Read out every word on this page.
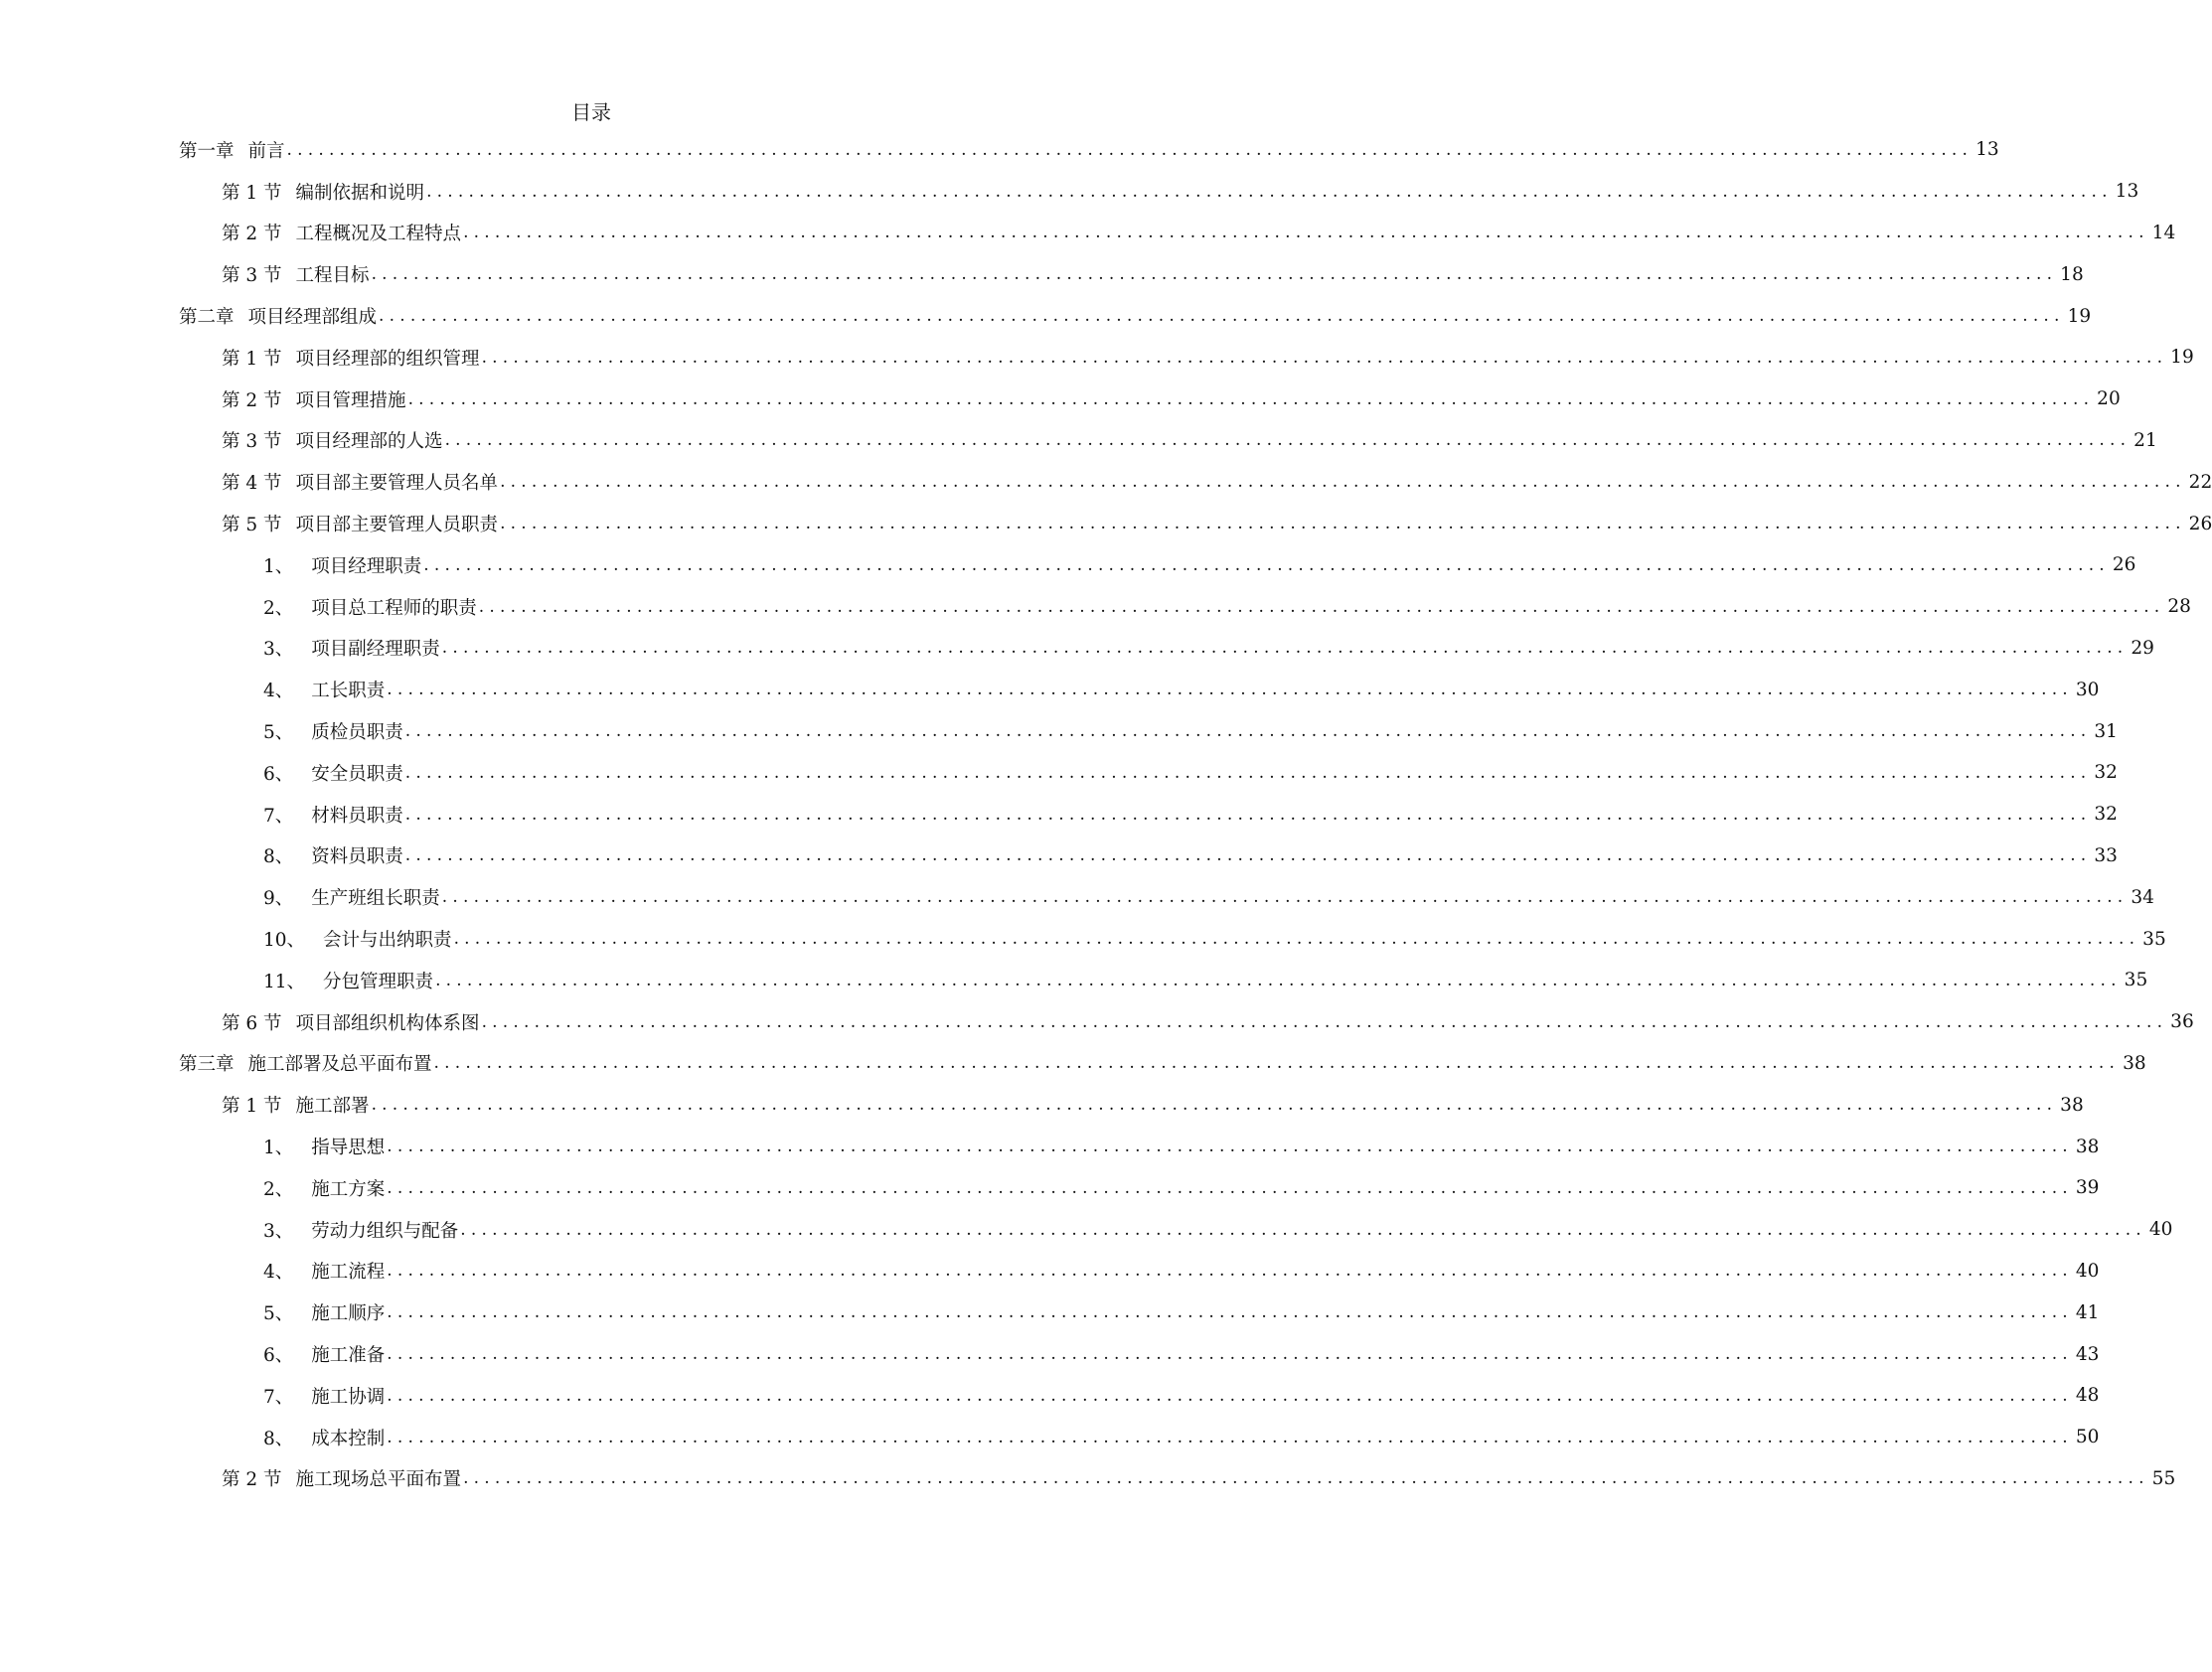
目录
第一章 前言 ................................................................................................................................................................ 13
第 1 节 编制依据和说明 ................................................................................................................................................................ 13
第 2 节 工程概况及工程特点 ................................................................................................................................................................ 14
第 3 节 工程目标 ................................................................................................................................................................ 18
第二章 项目经理部组成 ................................................................................................................................................................ 19
第 1 节 项目经理部的组织管理 ................................................................................................................................................................ 19
第 2 节 项目管理措施 ................................................................................................................................................................ 20
第 3 节 项目经理部的人选 ................................................................................................................................................................ 21
第 4 节 项目部主要管理人员名单 ................................................................................................................................................................ 22
第 5 节 项目部主要管理人员职责 ................................................................................................................................................................ 26
1、 项目经理职责 ................................................................................................................................................................ 26
2、 项目总工程师的职责 ................................................................................................................................................................ 28
3、 项目副经理职责 ................................................................................................................................................................ 29
4、 工长职责 ................................................................................................................................................................ 30
5、 质检员职责 ................................................................................................................................................................ 31
6、 安全员职责 ................................................................................................................................................................ 32
7、 材料员职责 ................................................................................................................................................................ 32
8、 资料员职责 ................................................................................................................................................................ 33
9、 生产班组长职责 ................................................................................................................................................................ 34
10、 会计与出纳职责 ................................................................................................................................................................ 35
11、 分包管理职责 ................................................................................................................................................................ 35
第 6 节 项目部组织机构体系图 ................................................................................................................................................................ 36
第三章 施工部署及总平面布置 ................................................................................................................................................................ 38
第 1 节 施工部署 ................................................................................................................................................................ 38
1、 指导思想 ................................................................................................................................................................ 38
2、 施工方案 ................................................................................................................................................................ 39
3、 劳动力组织与配备 ................................................................................................................................................................ 40
4、 施工流程 ................................................................................................................................................................ 40
5、 施工顺序 ................................................................................................................................................................ 41
6、 施工准备 ................................................................................................................................................................ 43
7、 施工协调 ................................................................................................................................................................ 48
8、 成本控制 ................................................................................................................................................................ 50
第 2 节 施工现场总平面布置 ................................................................................................................................................................ 55
